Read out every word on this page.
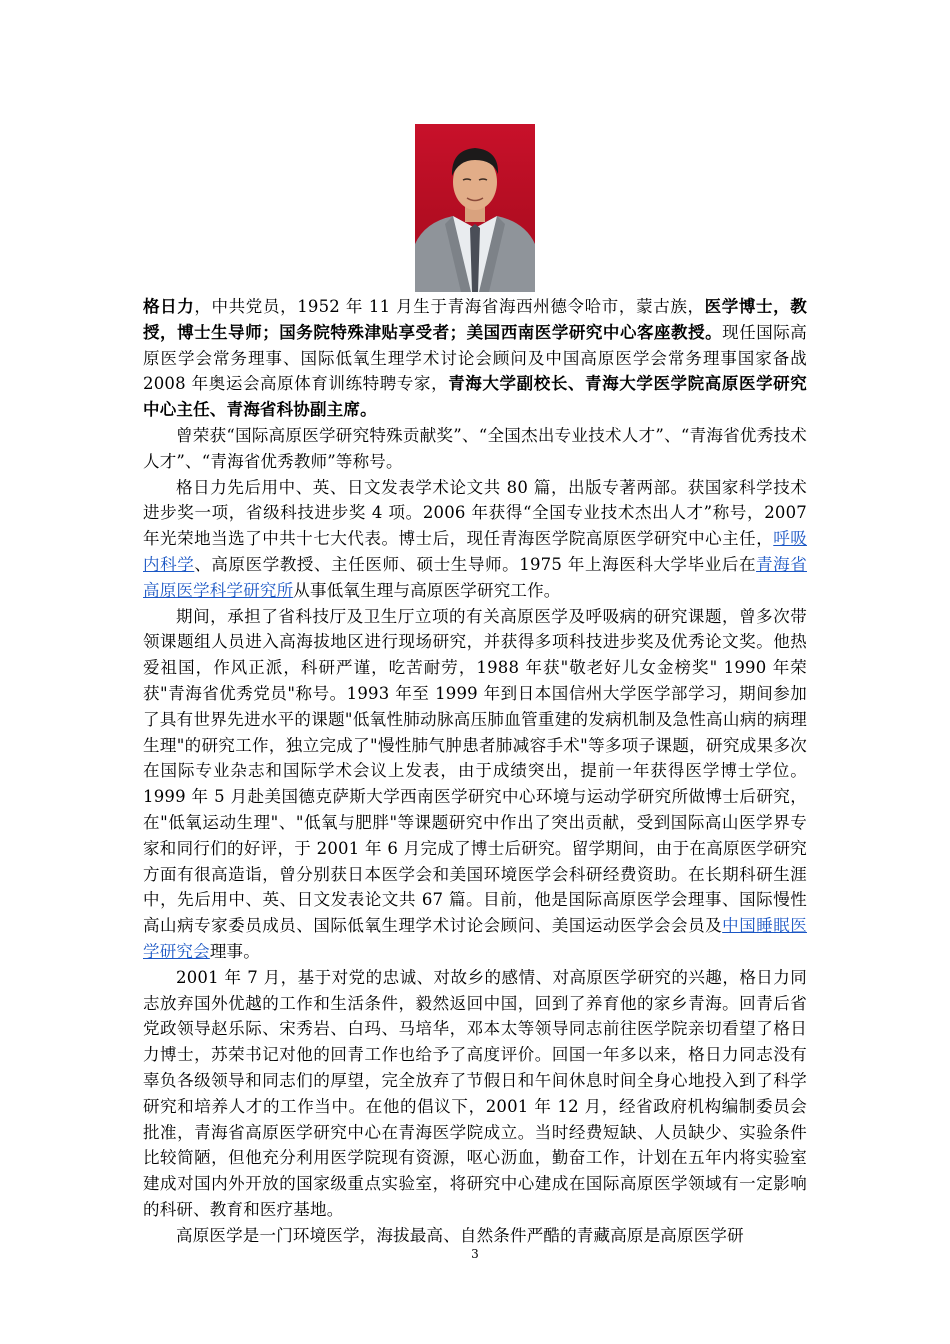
格日力，中共党员，1952 年 11 月生于青海省海西州德令哈市，蒙古族，医学博士，教授，博士生导师；国务院特殊津贴享受者；美国西南医学研究中心客座教授。现任国际高原医学会常务理事、国际低氧生理学术讨论会顾问及中国高原医学会常务理事国家备战 2008 年奥运会高原体育训练特聘专家，青海大学副校长、青海大学医学院高原医学研究中心主任、青海省科协副主席。

曾荣获“国际高原医学研究特殊贡献奖”、“全国杰出专业技术人才”、“青海省优秀技术人才”、“青海省优秀教师”等称号。

格日力先后用中、英、日文发表学术论文共 80 篇，出版专著两部。获国家科学技术进步奖一项，省级科技进步奖 4 项。2006 年获得“全国专业技术杰出人才”称号，2007 年光荣地当选了中共十七大代表。博士后，现任青海医学院高原医学研究中心主任，呼吸内科学、高原医学教授、主任医师、硕士生导师。1975 年上海医科大学毕业后在青海省高原医学科学研究所从事低氧生理与高原医学研究工作。

期间，承担了省科技厅及卫生厅立项的有关高原医学及呼吸病的研究课题，曾多次带领课题组人员进入高海拔地区进行现场研究，并获得多项科技进步奖及优秀论文奖。他热爱祖国，作风正派，科研严谨，吃苦耐劳，1988 年获"敬老好儿女金榜奖" 1990 年荣获"青海省优秀党员"称号。1993 年至 1999 年到日本国信州大学医学部学习，期间参加了具有世界先进水平的课题"低氧性肺动脉高压肺血管重建的发病机制及急性高山病的病理生理"的研究工作，独立完成了"慢性肺气肿患者肺减容手术"等多项子课题，研究成果多次在国际专业杂志和国际学术会议上发表，由于成绩突出，提前一年获得医学博士学位。1999 年 5 月赴美国德克萨斯大学西南医学研究中心环境与运动学研究所做博士后研究，在"低氧运动生理"、"低氧与肥胖"等课题研究中作出了突出贡献，受到国际高山医学界专家和同行们的好评，于 2001 年 6 月完成了博士后研究。留学期间，由于在高原医学研究方面有很高造诣，曾分别获日本医学会和美国环境医学会科研经费资助。在长期科研生涯中，先后用中、英、日文发表论文共 67 篇。目前，他是国际高原医学会理事、国际慢性高山病专家委员成员、国际低氧生理学术讨论会顾问、美国运动医学会会员及中国睡眠医学研究会理事。

2001 年 7 月，基于对党的忠诚、对故乡的感情、对高原医学研究的兴趣，格日力同志放弃国外优越的工作和生活条件，毅然返回中国，回到了养育他的家乡青海。回青后省党政领导赵乐际、宋秀岩、白玛、马培华，邓本太等领导同志前往医学院亲切看望了格日力博士，苏荣书记对他的回青工作也给予了高度评价。回国一年多以来，格日力同志没有辜负各级领导和同志们的厚望，完全放弃了节假日和午间休息时间全身心地投入到了科学研究和培养人才的工作当中。在他的倡议下，2001 年 12 月，经省政府机构编制委员会批准，青海省高原医学研究中心在青海医学院成立。当时经费短缺、人员缺少、实验条件比较简陋，但他充分利用医学院现有资源，呕心沥血，勤奋工作，计划在五年内将实验室建成对国内外开放的国家级重点实验室，将研究中心建成在国际高原医学领域有一定影响的科研、教育和医疗基地。

高原医学是一门环境医学，海拔最高、自然条件严酷的青藏高原是高原医学研

3
